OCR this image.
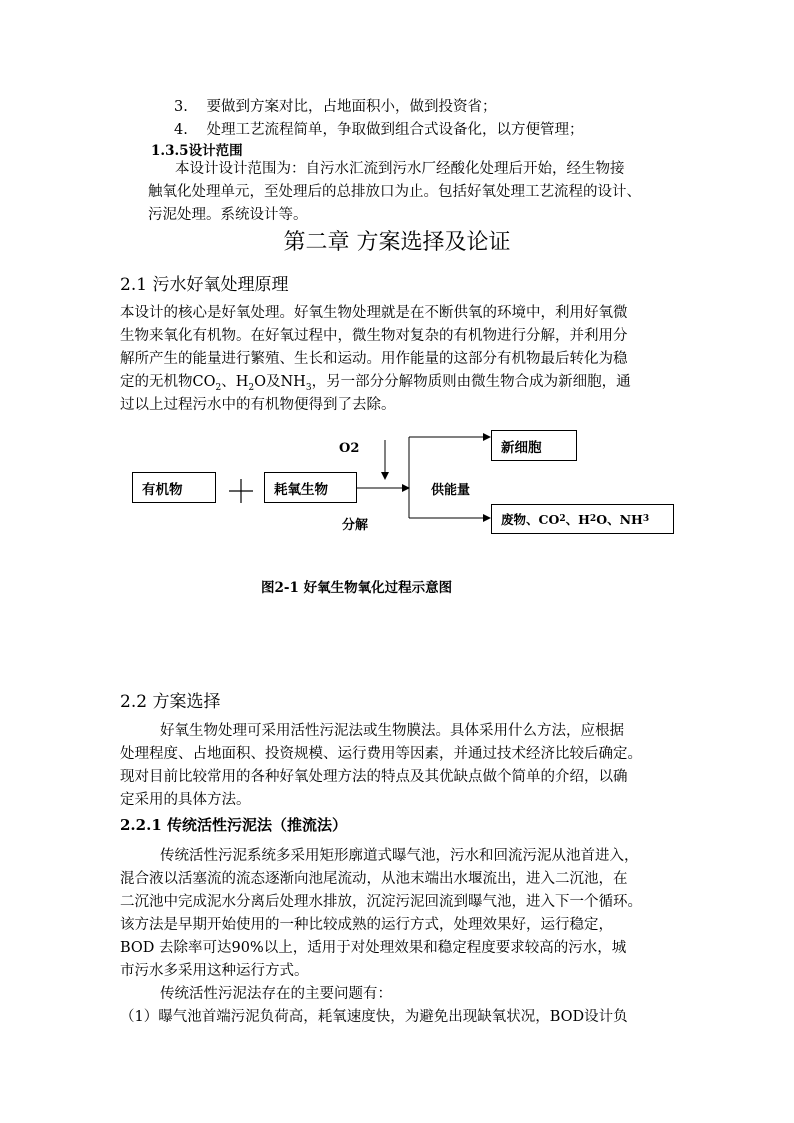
3. 要做到方案对比，占地面积小，做到投资省；
4. 处理工艺流程简单，争取做到组合式设备化，以方便管理；
1.3.5设计范围
本设计设计范围为：自污水汇流到污水厂经酸化处理后开始，经生物接
触氧化处理单元，至处理后的总排放口为止。包括好氧处理工艺流程的设计、
污泥处理。系统设计等。
第二章 方案选择及论证
2.1 污水好氧处理原理
本设计的核心是好氧处理。好氧生物处理就是在不断供氧的环境中，利用好氧微
生物来氧化有机物。在好氧过程中，微生物对复杂的有机物进行分解，并利用分
解所产生的能量进行繁殖、生长和运动。用作能量的这部分有机物最后转化为稳
定的无机物$CO_2$、$H_2O$及$NH_3$，另一部分分解物质则由微生物合成为新细胞，通
过以上过程污水中的有机物便得到了去除。
O2
有机物	耗氧生物	供能量
分解
新细胞
废物、CO 2 、H 2 O、NH 3
图2-1 好氧生物氧化过程示意图
2.2 方案选择
好氧生物处理可采用活性污泥法或生物膜法。具体采用什么方法，应根据
处理程度、占地面积、投资规模、运行费用等因素，并通过技术经济比较后确定。
现对目前比较常用的各种好氧处理方法的特点及其优缺点做个简单的介绍，以确
定采用的具体方法。
2.2.1 传统活性污泥法（推流法）
传统活性污泥系统多采用矩形廓道式曝气池，污水和回流污泥从池首进入，
混合液以活塞流的流态逐渐向池尾流动，从池末端出水堰流出，进入二沉池，在
二沉池中完成泥水分离后处理水排放，沉淀污泥回流到曝气池，进入下一个循环。
该方法是早期开始使用的一种比较成熟的运行方式，处理效果好，运行稳定，
BOD 去除率可达90%以上，适用于对处理效果和稳定程度要求较高的污水，城
市污水多采用这种运行方式。
传统活性污泥法存在的主要问题有：
（1）曝气池首端污泥负荷高，耗氧速度快，为避免出现缺氧状况，BOD设计负
